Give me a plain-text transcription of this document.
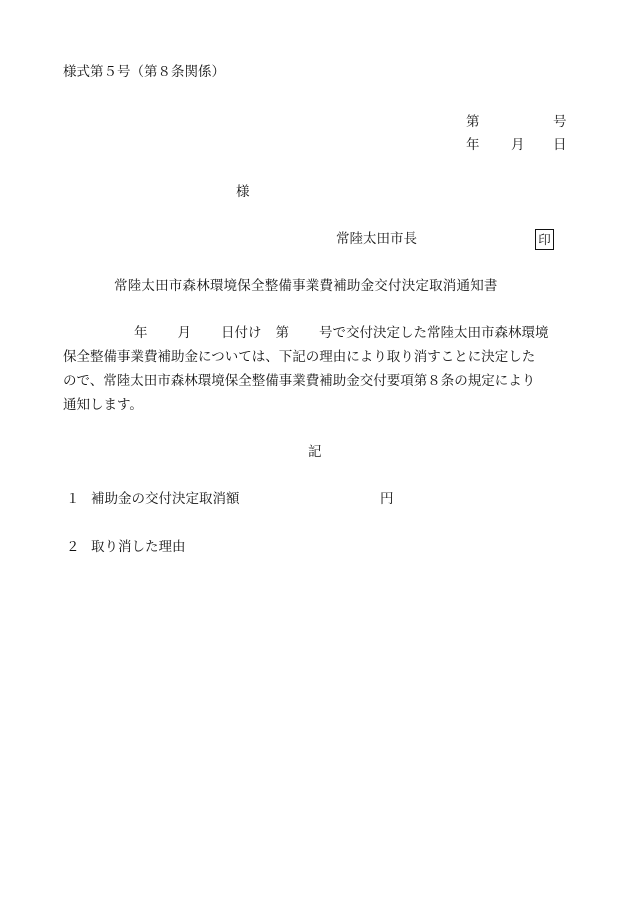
様式第５号（第８条関係）
第	号
年 月 日
様
常陸太田市長	印
常陸太田市森林環境保全整備事業費補助金交付決定取消通知書
年 月 日付け 第 号で交付決定した常陸太田市森林環境
保全整備事業費補助金については、下記の理由により取り消すことに決定した
ので、常陸太田市森林環境保全整備事業費補助金交付要項第８条の規定により
通知します。
記
１ 補助金の交付決定取消額	円
２ 取り消した理由
